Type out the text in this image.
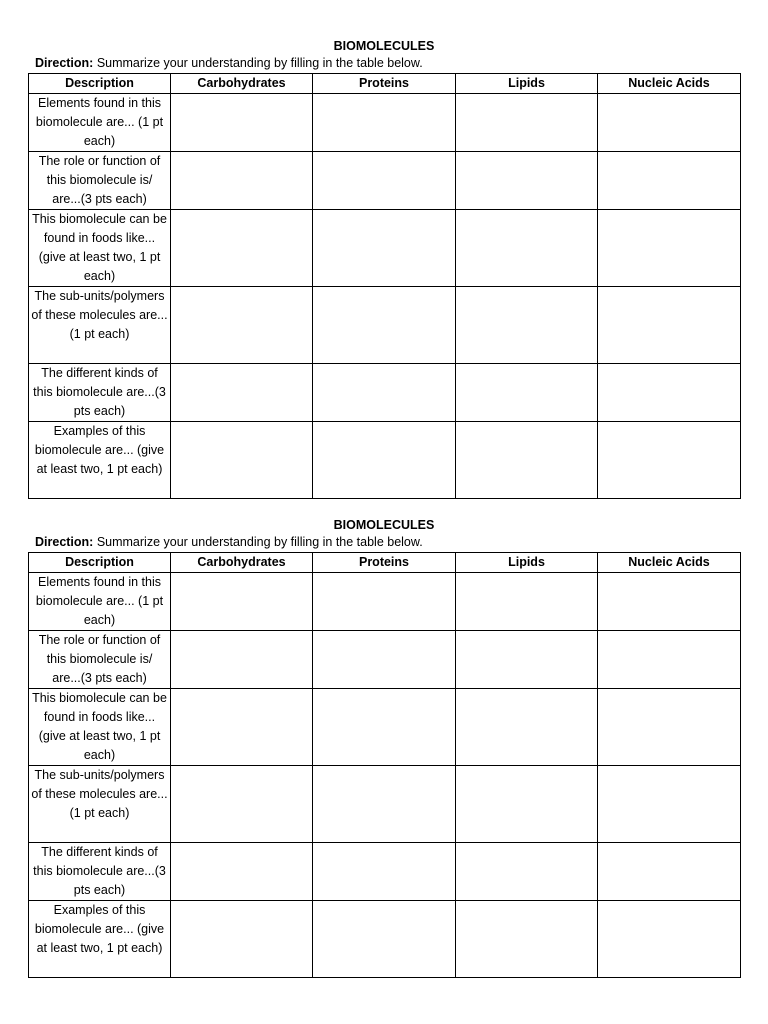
BIOMOLECULES
Direction: Summarize your understanding by filling in the table below.
Description	Carbohydrates	Proteins	Lipids	Nucleic Acids
Elements found in this biomolecule are... (1 pt each)				
The role or function of this biomolecule is/ are...(3 pts each)				
This biomolecule can be found in foods like...(give at least two, 1 pt each)				
The sub-units/polymers of these molecules are...(1 pt each)				
The different kinds of this biomolecule are...(3 pts each)				
Examples of this biomolecule are... (give at least two, 1 pt each)				
BIOMOLECULES
Direction: Summarize your understanding by filling in the table below.
Description	Carbohydrates	Proteins	Lipids	Nucleic Acids
Elements found in this biomolecule are... (1 pt each)				
The role or function of this biomolecule is/ are...(3 pts each)				
This biomolecule can be found in foods like...(give at least two, 1 pt each)				
The sub-units/polymers of these molecules are...(1 pt each)				
The different kinds of this biomolecule are...(3 pts each)				
Examples of this biomolecule are... (give at least two, 1 pt each)				
